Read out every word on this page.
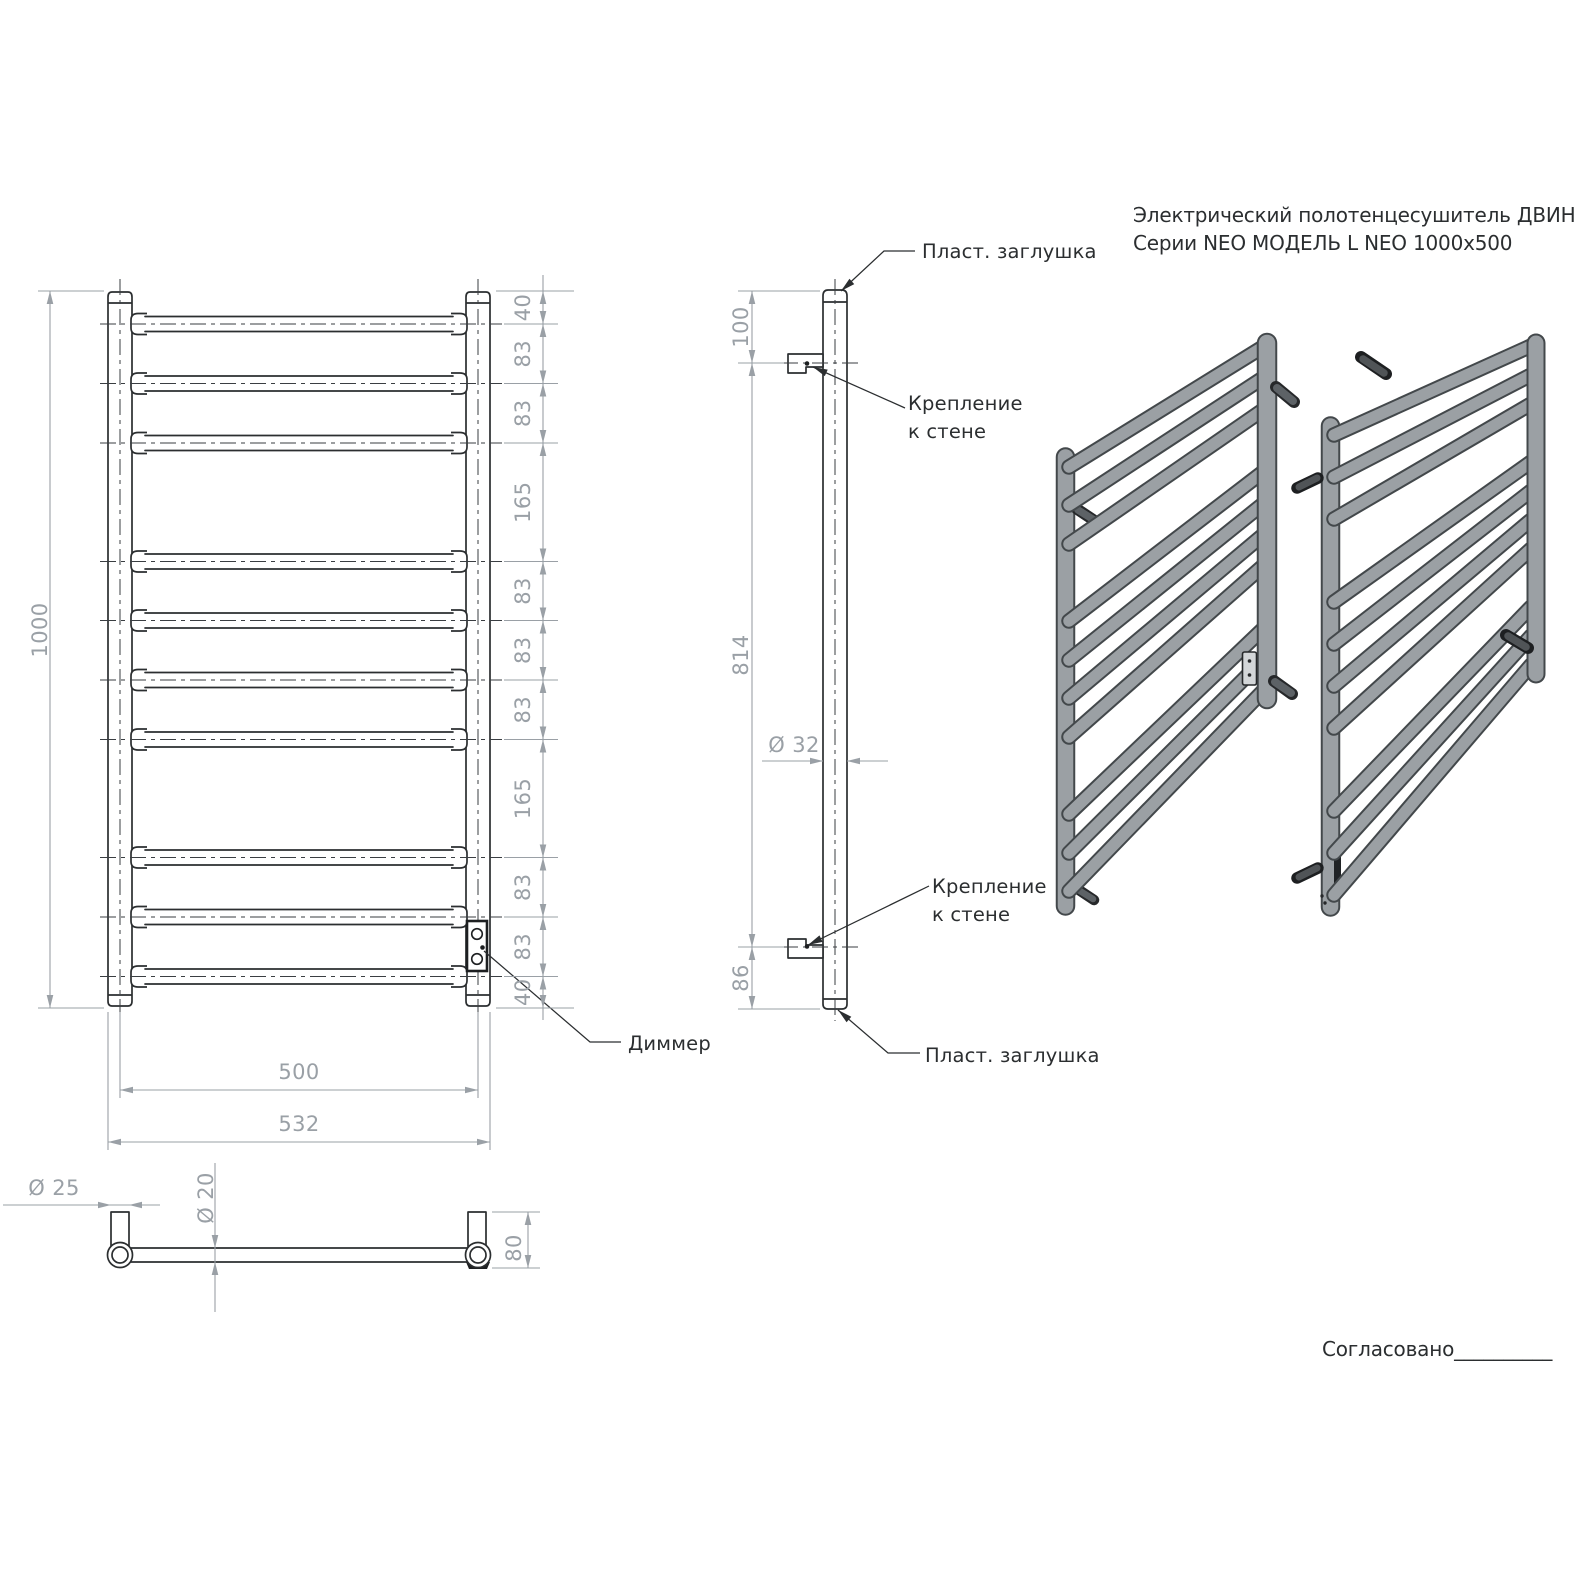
Диммер
1000
40
83
83
165
83
83
83
165
83
83
40
500
532
Пласт. заглушка
Крепление
к стене
Крепление
к стене
Пласт. заглушка
100
814
86
Ø 32
Ø 25	Ø 20
80
Электрический полотенцесушитель ДВИН
Серии NEO МОДЕЛЬ L NEO 1000x500
Согласовано__________
